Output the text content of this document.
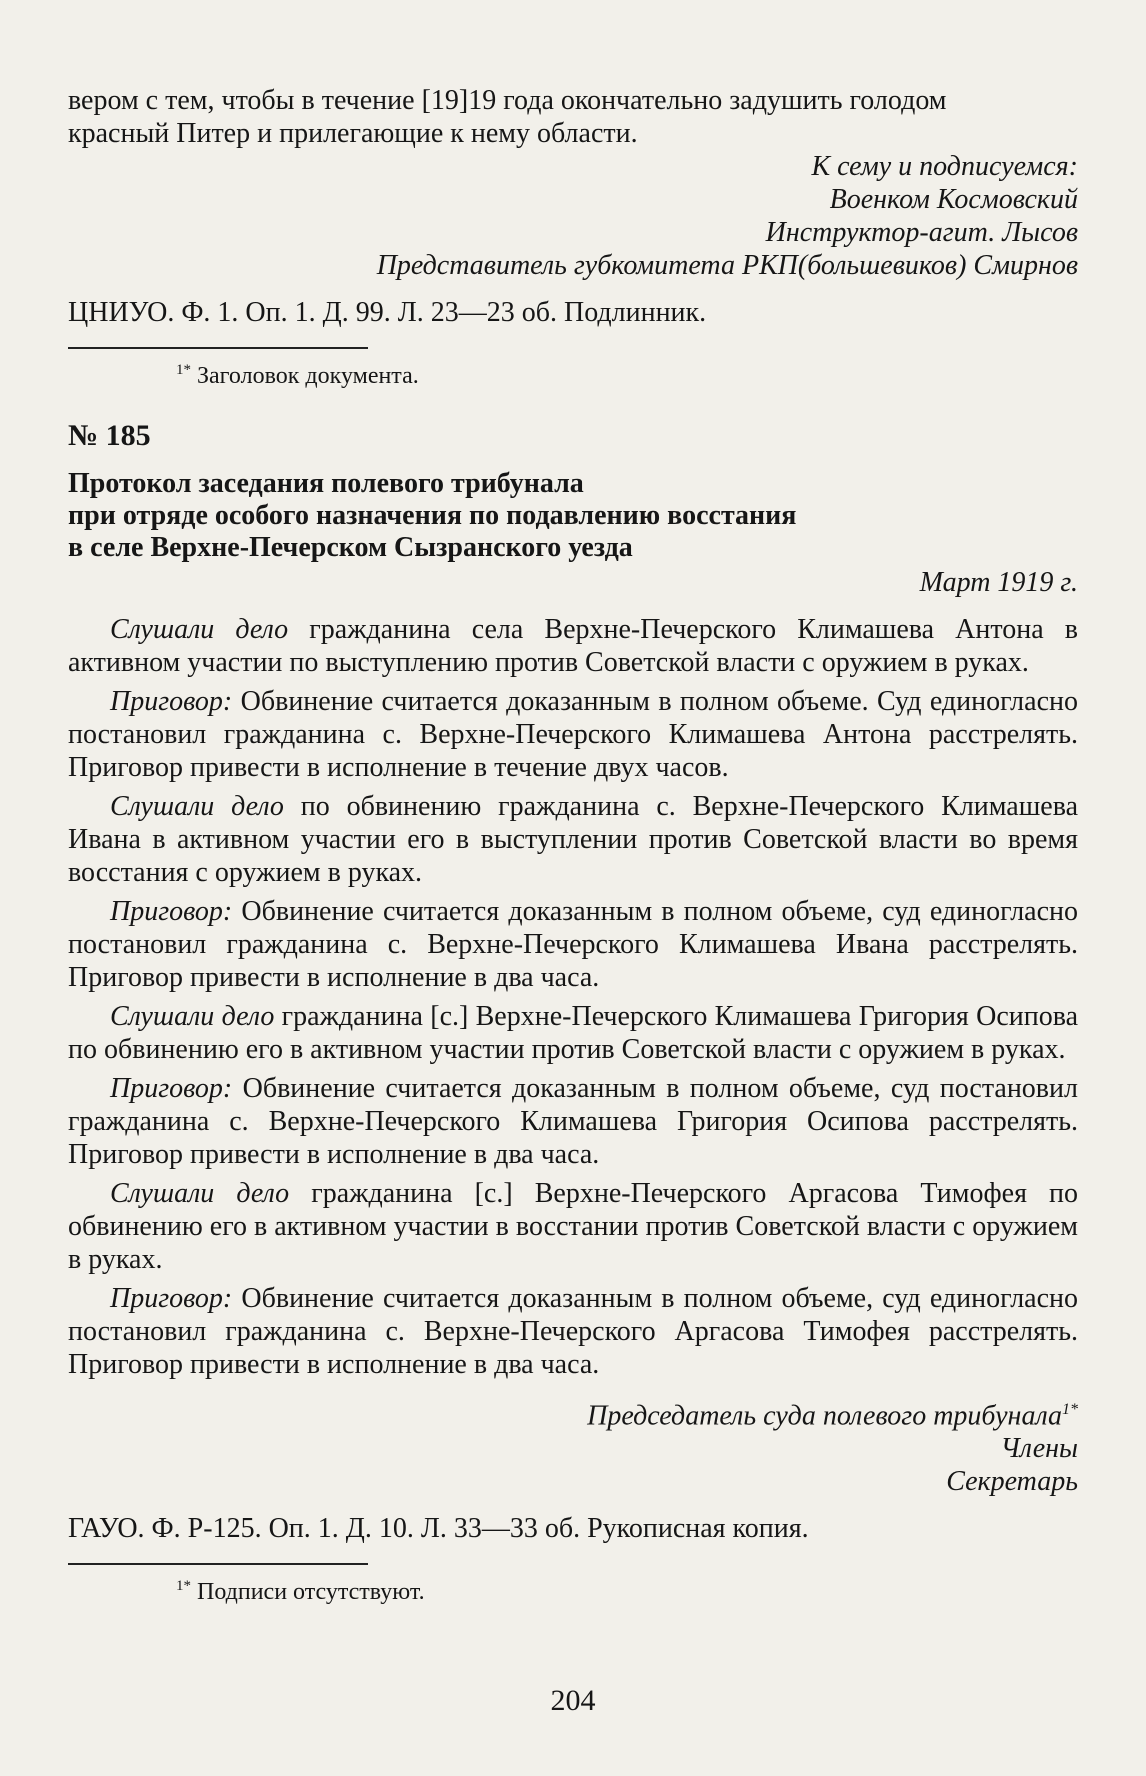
вером с тем, чтобы в течение [19]19 года окончательно задушить голодом

красный Питер и прилегающие к нему области.

К сему и подписуемся:

Военком Космовский

Инструктор-агит. Лысов

Представитель губкомитета РКП(большевиков) Смирнов

ЦНИУО. Ф. 1. Оп. 1. Д. 99. Л. 23—23 об. Подлинник.

$^{1*}$ Заголовок документа.

№ 185

Протокол заседания полевого трибунала

при отряде особого назначения по подавлению восстания

в селе Верхне-Печерском Сызранского уезда

Март 1919 г.

Слушали дело гражданина села Верхне-Печерского Климашева Антона в активном участии по выступлению против Советской власти с оружием в руках.

Приговор: Обвинение считается доказанным в полном объеме. Суд единогласно постановил гражданина с. Верхне-Печерского Климашева Антона расстрелять. Приговор привести в исполнение в течение двух часов.

Слушали дело по обвинению гражданина с. Верхне-Печерского Климашева Ивана в активном участии его в выступлении против Советской власти во время восстания с оружием в руках.

Приговор: Обвинение считается доказанным в полном объеме, суд единогласно постановил гражданина с. Верхне-Печерского Климашева Ивана расстрелять. Приговор привести в исполнение в два часа.

Слушали дело гражданина [с.] Верхне-Печерского Климашева Григория Осипова по обвинению его в активном участии против Советской власти с оружием в руках.

Приговор: Обвинение считается доказанным в полном объеме, суд постановил гражданина с. Верхне-Печерского Климашева Григория Осипова расстрелять. Приговор привести в исполнение в два часа.

Слушали дело гражданина [с.] Верхне-Печерского Аргасова Тимофея по обвинению его в активном участии в восстании против Советской власти с оружием в руках.

Приговор: Обвинение считается доказанным в полном объеме, суд единогласно постановил гражданина с. Верхне-Печерского Аргасова Тимофея расстрелять. Приговор привести в исполнение в два часа.

Председатель суда полевого трибунала$^{1*}$

Члены

Секретарь

ГАУО. Ф. Р-125. Оп. 1. Д. 10. Л. 33—33 об. Рукописная копия.

$^{1*}$ Подписи отсутствуют.

204
